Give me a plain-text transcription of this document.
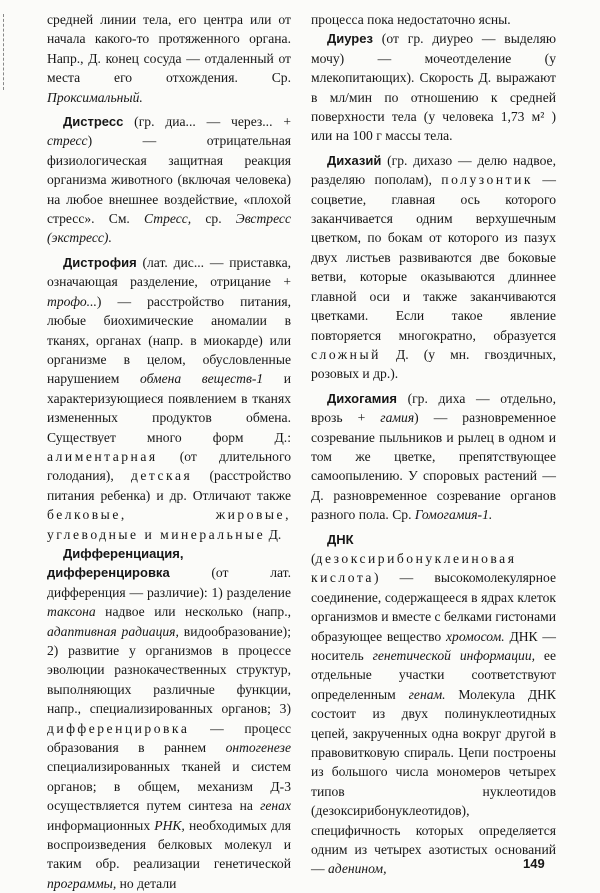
средней линии тела, его центра или от начала какого-то протяженного органа. Напр., Д. конец сосуда — отдаленный от места его отхождения. Ср. Проксимальный.

Дистресс (гр. диа... — через... + стресс) — отрицательная физиологическая защитная реакция организма животного (включая человека) на любое внешнее воздействие, «плохой стресс». См. Стресс, ср. Эвстресс (экстресс).

Дистрофия (лат. дис... — приставка, означающая разделение, отрицание + трофо...) — расстройство питания, любые биохимические аномалии в тканях, органах (напр. в миокарде) или организме в целом, обусловленные нарушением обмена веществ-1 и характеризующиеся появлением в тканях измененных продуктов обмена. Существует много форм Д.: алиментарная (от длительного голодания), детская (расстройство питания ребенка) и др. Отличают также белковые, жировые, углеводные и минеральные Д.

Дифференциация, дифференцировка (от лат. дифференция — различие): 1) разделение таксона надвое или несколько (напр., адаптивная радиация, видообразование); 2) развитие у организмов в процессе эволюции разнокачественных структур, выполняющих различные функции, напр., специализированных органов; 3) дифференцировка — процесс образования в раннем онтогенезе специализированных тканей и систем органов; в общем, механизм Д-3 осуществляется путем синтеза на генах информационных РНК, необходимых для воспроизведения белковых молекул и таким обр. реализации генетической программы, но детали

процесса пока недостаточно ясны.

Диурез (от гр. диурео — выделяю мочу) — мочеотделение (у млекопитающих). Скорость Д. выражают в мл/мин по отношению к средней поверхности тела (у человека 1,73 м² ) или на 100 г массы тела.

Дихазий (гр. дихазо — делю надвое, разделяю пополам), полузонтик — соцветие, главная ось которого заканчивается одним верхушечным цветком, по бокам от которого из пазух двух листьев развиваются две боковые ветви, которые оказываются длиннее главной оси и также заканчиваются цветками. Если такое явление повторяется многократно, образуется сложный Д. (у мн. гвоздичных, розовых и др.).

Дихогамия (гр. диха — отдельно, врозь + гамия) — разновременное созревание пыльников и рылец в одном и том же цветке, препятствующее самоопылению. У споровых растений — Д. разновременное созревание органов разного пола. Ср. Гомогамия-1.

ДНК (дезоксирибонуклеиновая кислота) — высокомолекулярное соединение, содержащееся в ядрах клеток организмов и вместе с белками гистонами образующее вещество хромосом. ДНК — носитель генетической информации, ее отдельные участки соответствуют определенным генам. Молекула ДНК состоит из двух полинуклеотидных цепей, закрученных одна вокруг другой в правовитковую спираль. Цепи построены из большого числа мономеров четырех типов нуклеотидов (дезоксирибонуклеотидов), специфичность которых определяется одним из четырех азотистых оснований — аденином,	149
